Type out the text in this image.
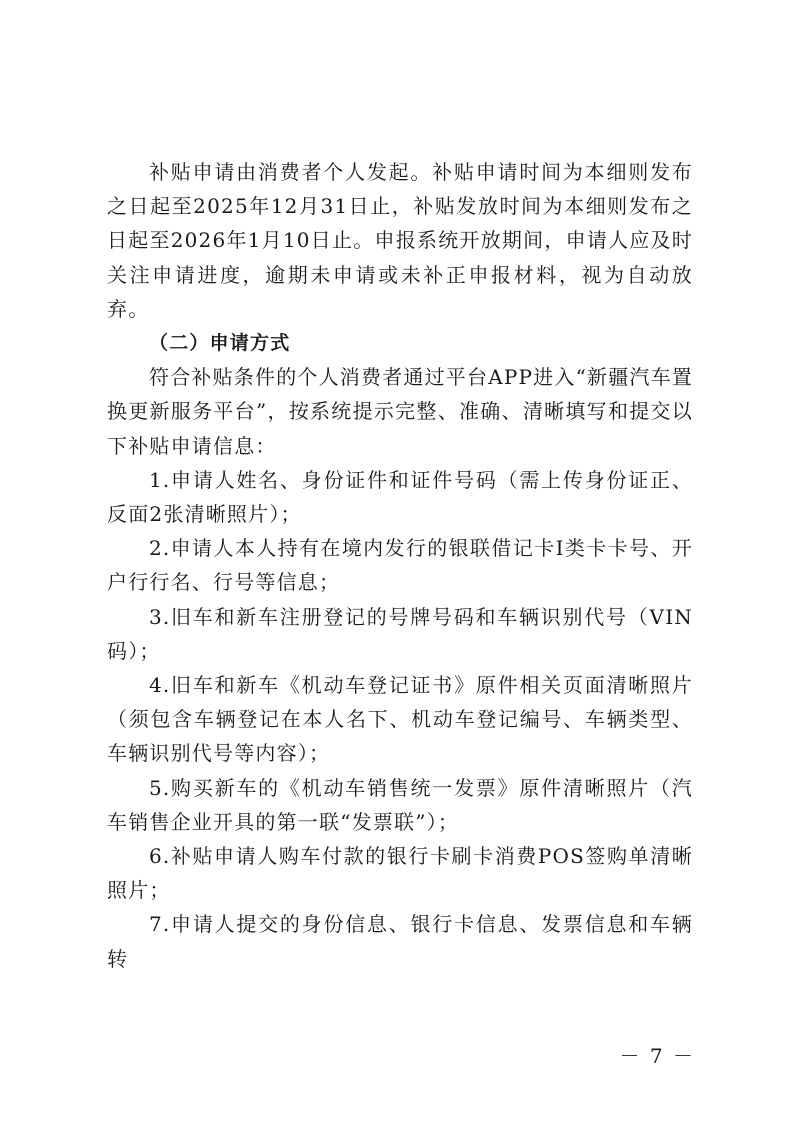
补贴申请由消费者个人发起。补贴申请时间为本细则发布之日起至2025年12月31日止，补贴发放时间为本细则发布之日起至2026年1月10日止。申报系统开放期间，申请人应及时关注申请进度，逾期未申请或未补正申报材料，视为自动放弃。

（二）申请方式

符合补贴条件的个人消费者通过平台APP进入“新疆汽车置换更新服务平台”，按系统提示完整、准确、清晰填写和提交以下补贴申请信息：

1.申请人姓名、身份证件和证件号码（需上传身份证正、反面2张清晰照片）；

2.申请人本人持有在境内发行的银联借记卡Ⅰ类卡卡号、开户行行名、行号等信息；

3.旧车和新车注册登记的号牌号码和车辆识别代号（VIN码）；

4.旧车和新车《机动车登记证书》原件相关页面清晰照片（须包含车辆登记在本人名下、机动车登记编号、车辆类型、车辆识别代号等内容）；

5.购买新车的《机动车销售统一发票》原件清晰照片（汽车销售企业开具的第一联“发票联”）；

6.补贴申请人购车付款的银行卡刷卡消费POS签购单清晰照片；

7.申请人提交的身份信息、银行卡信息、发票信息和车辆转

－ 7 －
